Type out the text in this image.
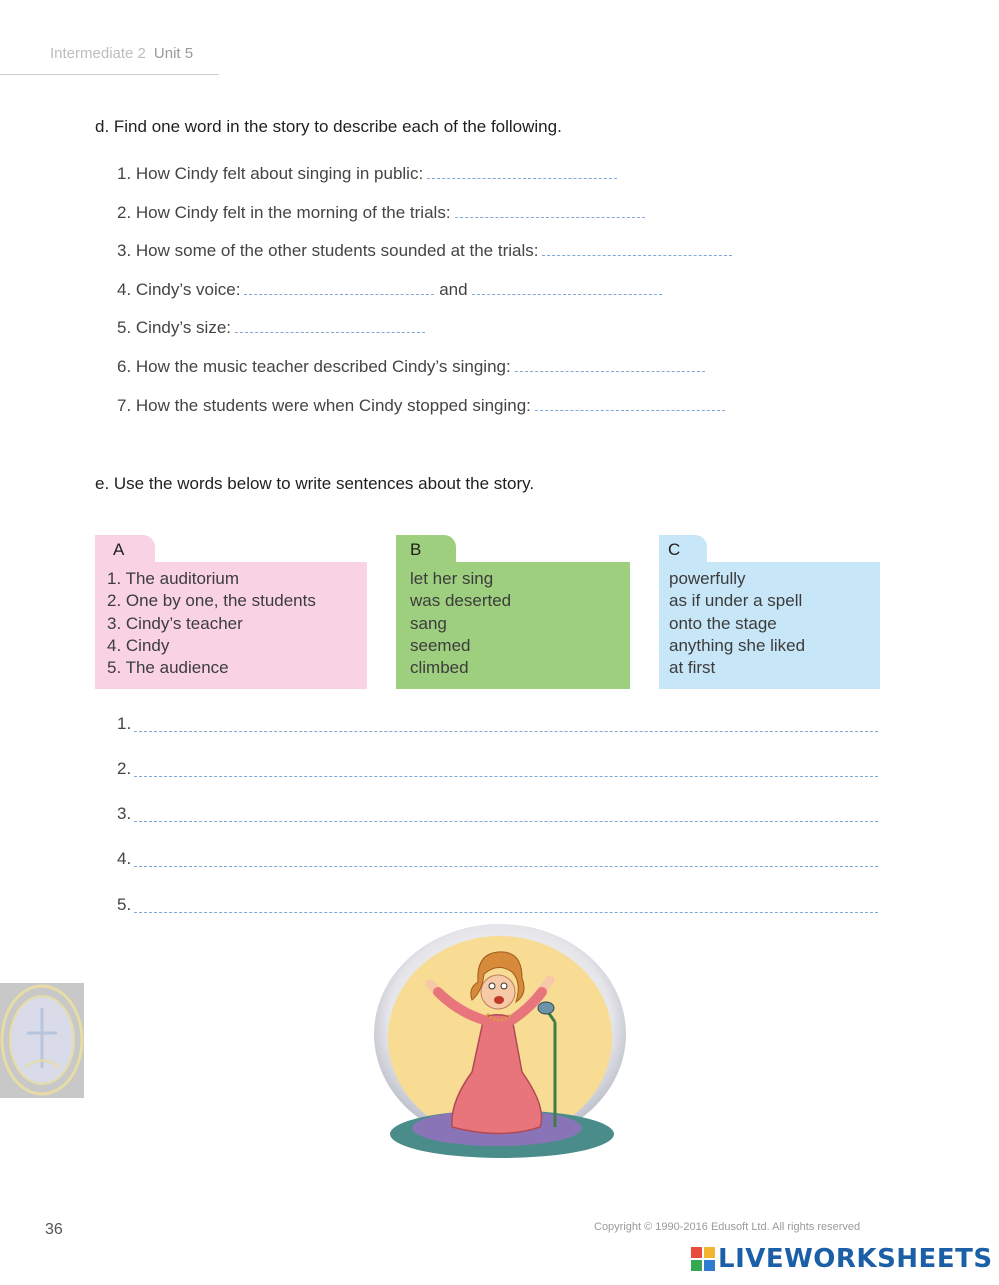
Intermediate 2 Unit 5
d. Find one word in the story to describe each of the following.
1. How Cindy felt about singing in public:
2. How Cindy felt in the morning of the trials:
3. How some of the other students sounded at the trials:
4. Cindy’s voice:	and
5. Cindy’s size:
6. How the music teacher described Cindy’s singing:
7. How the students were when Cindy stopped singing:
e. Use the words below to write sentences about the story.
A
1. The auditorium
2. One by one, the students
3. Cindy’s teacher
4. Cindy
5. The audience
B
let her sing
was deserted
sang
seemed
climbed
C
powerfully
as if under a spell
onto the stage
anything she liked
at first
1.
2.
3.
4.
5.
36	Copyright © 1990-2016 Edusoft Ltd. All rights reserved
LIVEWORKSHEETS
